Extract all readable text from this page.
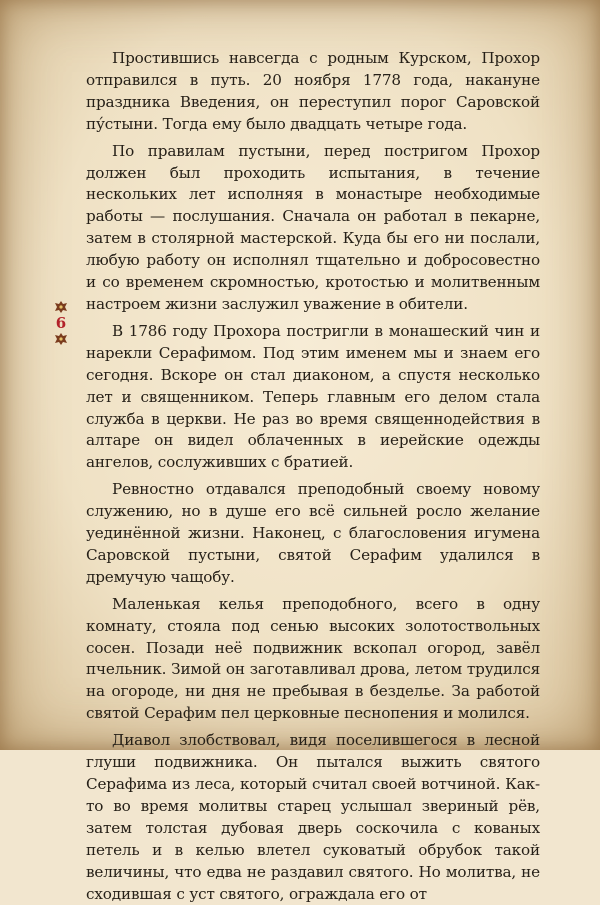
6

Простившись навсегда с родным Курском, Прохор отправился в путь. 20 ноября 1778 года, накануне праздника Введения, он переступил порог Саровской пу́стыни. Тогда ему было двадцать четыре года.

По правилам пустыни, перед постригом Прохор должен был проходить испытания, в течение нескольких лет исполняя в монастыре необходимые работы — послушания. Сначала он работал в пекарне, затем в столярной мастерской. Куда бы его ни послали, любую работу он исполнял тщательно и добросовестно и со временем скромностью, кротостью и молитвенным настроем жизни заслужил уважение в обители.

В 1786 году Прохора постригли в монашеский чин и нарекли Серафимом. Под этим именем мы и знаем его сегодня. Вскоре он стал диаконом, а спустя несколько лет и священником. Теперь главным его делом стала служба в церкви. Не раз во время священнодействия в алтаре он видел облаченных в иерейские одежды ангелов, сослуживших с братией.

Ревностно отдавался преподобный своему новому служению, но в душе его всё сильней росло желание уединённой жизни. Наконец, с благословения игумена Саровской пустыни, святой Серафим удалился в дремучую чащобу.

Маленькая келья преподобного, всего в одну комнату, стояла под сенью высоких золотоствольных сосен. Позади неё подвижник вскопал огород, завёл пчельник. Зимой он заготавливал дрова, летом трудился на огороде, ни дня не пребывая в безделье. За работой святой Серафим пел церковные песнопения и молился.

Диавол злобствовал, видя поселившегося в лесной глуши подвижника. Он пытался выжить святого Серафима из леса, который считал своей вотчиной. Как-то во время молитвы старец услышал звериный рёв, затем толстая дубовая дверь соскочила с кованых петель и в келью влетел суковатый обрубок такой величины, что едва не раздавил святого. Но молитва, не сходившая с уст святого, ограждала его от
